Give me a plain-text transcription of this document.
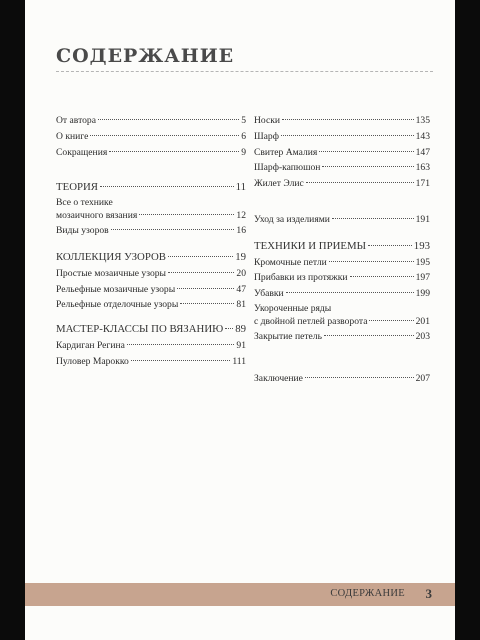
СОДЕРЖАНИЕ
От автора	5
О книге	6
Сокращения	9
ТЕОРИЯ	11
Все о технике
мозаичного вязания	12
Виды узоров	16
КОЛЛЕКЦИЯ УЗОРОВ	19
Простые мозаичные узоры	20
Рельефные мозаичные узоры	47
Рельефные отделочные узоры	81
МАСТЕР-КЛАССЫ ПО ВЯЗАНИЮ 89
Кардиган Регина	91
Пуловер Марокко	111
Носки	135
Шарф	143
Свитер Амалия	147
Шарф-капюшон	163
Жилет Элис	171
Уход за изделиями	191
ТЕХНИКИ И ПРИЕМЫ	193
Кромочные петли	195
Прибавки из протяжки	197
Убавки	199
Укороченные ряды
с двойной петлей разворота	201
Закрытие петель	203
Заключение	207
СОДЕРЖАНИЕ 3
